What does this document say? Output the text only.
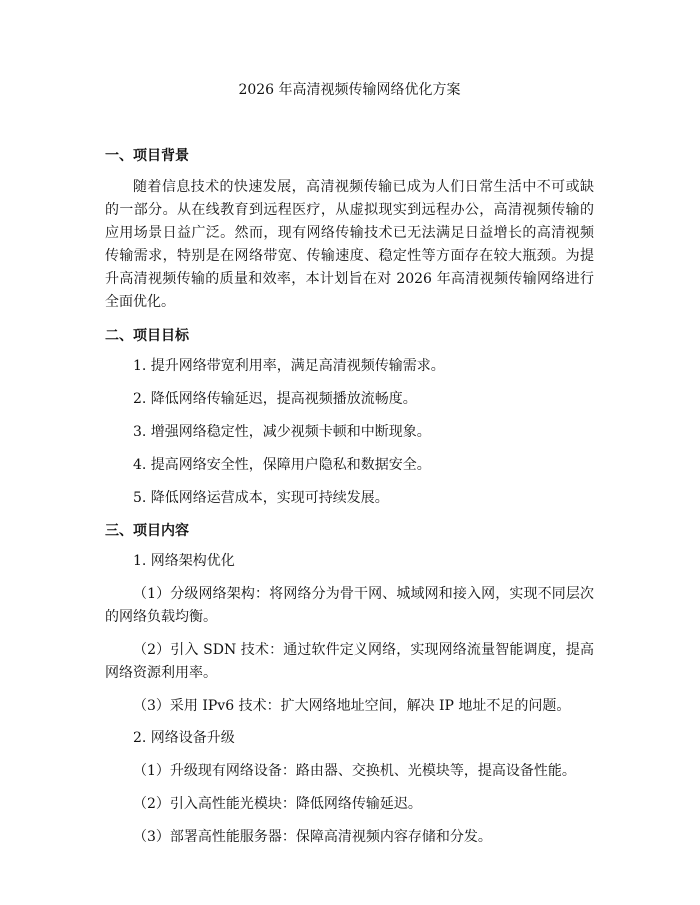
2026 年高清视频传输网络优化方案
一、项目背景

随着信息技术的快速发展，高清视频传输已成为人们日常生活中不可或缺的一部分。从在线教育到远程医疗，从虚拟现实到远程办公，高清视频传输的应用场景日益广泛。然而，现有网络传输技术已无法满足日益增长的高清视频传输需求，特别是在网络带宽、传输速度、稳定性等方面存在较大瓶颈。为提升高清视频传输的质量和效率，本计划旨在对 2026 年高清视频传输网络进行全面优化。

二、项目目标
1. 提升网络带宽利用率，满足高清视频传输需求。
2. 降低网络传输延迟，提高视频播放流畅度。
3. 增强网络稳定性，减少视频卡顿和中断现象。
4. 提高网络安全性，保障用户隐私和数据安全。
5. 降低网络运营成本，实现可持续发展。
三、项目内容
1. 网络架构优化

（1）分级网络架构：将网络分为骨干网、城域网和接入网，实现不同层次的网络负载均衡。

（2）引入 SDN 技术：通过软件定义网络，实现网络流量智能调度，提高网络资源利用率。

（3）采用 IPv6 技术：扩大网络地址空间，解决 IP 地址不足的问题。

2. 网络设备升级

（1）升级现有网络设备：路由器、交换机、光模块等，提高设备性能。

（2）引入高性能光模块：降低网络传输延迟。

（3）部署高性能服务器：保障高清视频内容存储和分发。
